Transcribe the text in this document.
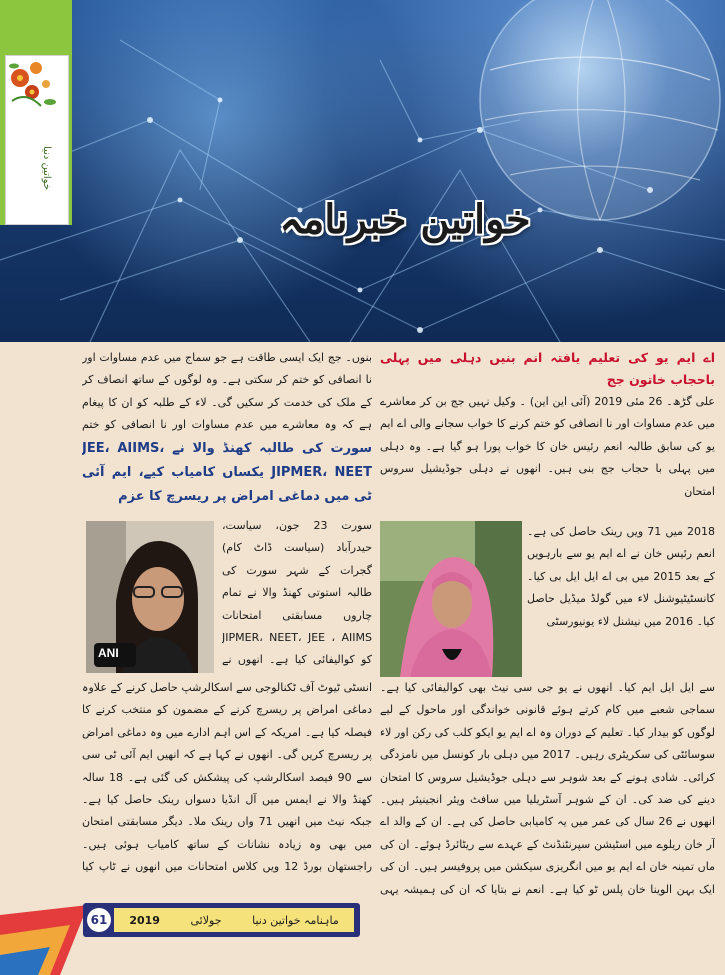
خواتین دنیا
خواتین خبرنامہ

اے ایم یو کی تعلیم یافتہ انم بنیں دہلی میں پہلی باحجاب خاتون جج

علی گڑھ۔ 26 مئی 2019 (آئی این این) ۔ وکیل نہیں جج بن کر معاشرے میں عدم مساوات اور نا انصافی کو ختم کرنے کا خواب سجانے والی اے ایم یو کی سابق طالبہ انعم رئیس خان کا خواب پورا ہو گیا ہے۔ وہ دہلی میں پہلی با حجاب جج بنی ہیں۔ انھوں نے دہلی جوڈیشیل سروس امتحان

2018 میں 71 ویں رینک حاصل کی ہے۔ انعم رئیس خان نے اے ایم یو سے بارہویں کے بعد 2015 میں بی اے ایل ایل بی کیا۔ کانسٹیٹیوشنل لاء میں گولڈ میڈیل حاصل کیا۔ 2016 میں نیشنل لاء یونیورسٹی

سے ایل ایل ایم کیا۔ انھوں نے یو جی سی نیٹ بھی کوالیفائی کیا ہے۔ سماجی شعبے میں کام کرتے ہوئے قانونی خواندگی اور ماحول کے لیے لوگوں کو بیدار کیا۔ تعلیم کے دوران وہ اے ایم یو ایکو کلب کی رکن اور لاء سوسائٹی کی سکریٹری رہیں۔ 2017 میں دہلی بار کونسل میں نامزدگی کرائی۔ شادی ہونے کے بعد شوہر سے دہلی جوڈیشیل سروس کا امتحان دینے کی ضد کی۔ ان کے شوہر آسٹریلیا میں سافٹ ویئر انجینیئر ہیں۔ انھوں نے 26 سال کی عمر میں یہ کامیابی حاصل کی ہے۔ ان کے والد اے آر خان ریلوے میں اسٹیشن سپرنٹنڈنٹ کے عہدے سے ریٹائرڈ ہوئے۔ ان کی ماں تمینہ خان اے ایم یو میں انگریزی سیکشن میں پروفیسر ہیں۔ ان کی ایک بہن الوینا خان پلس ٹو کیا ہے۔ انعم نے بتایا کہ ان کی ہمیشہ یہی

بنوں۔ جج ایک ایسی طاقت ہے جو سماج میں عدم مساوات اور نا انصافی کو ختم کر سکتی ہے۔ وہ لوگوں کے ساتھ انصاف کر کے ملک کی خدمت کر سکیں گی۔ لاء کے طلبہ کو ان کا پیغام ہے کہ وہ معاشرے میں عدم مساوات اور نا انصافی کو ختم

سورت کی طالبہ کھنڈ والا نے JEE، AIIMS، JIPMER، NEET یکساں کامیاب کیے، ایم آئی ٹی میں دماغی امراض پر ریسرچ کا عزم

سورت 23 جون، سیاست، حیدرآباد (سیاست ڈاٹ کام) گجرات کے شہر سورت کی طالبہ استوتی کھنڈ والا نے تمام چاروں مسابقتی امتحانات JIPMER، NEET، JEE ، AIIMS کو کوالیفائی کیا ہے۔ انھوں نے

ANI

انسٹی ٹیوٹ آف ٹکنالوجی سے اسکالرشپ حاصل کرنے کے علاوہ دماغی امراض پر ریسرچ کرنے کے مضمون کو منتخب کرنے کا فیصلہ کیا ہے۔ امریکہ کے اس اہم ادارے میں وہ دماغی امراض پر ریسرچ کریں گی۔ انھوں نے کہا ہے کہ انھیں ایم آئی ٹی سی سے 90 فیصد اسکالرشپ کی پیشکش کی گئی ہے۔ 18 سالہ کھنڈ والا نے ایمس میں آل انڈیا دسواں رینک حاصل کیا ہے۔ جبکہ نیٹ میں انھیں 71 واں رینک ملا۔ دیگر مسابقتی امتحان میں بھی وہ زیادہ نشانات کے ساتھ کامیاب ہوئی ہیں۔ راجستھان بورڈ 12 ویں کلاس امتحانات میں انھوں نے ٹاپ کیا

61	ماہنامہ خواتین دنیا
جولائی
2019
